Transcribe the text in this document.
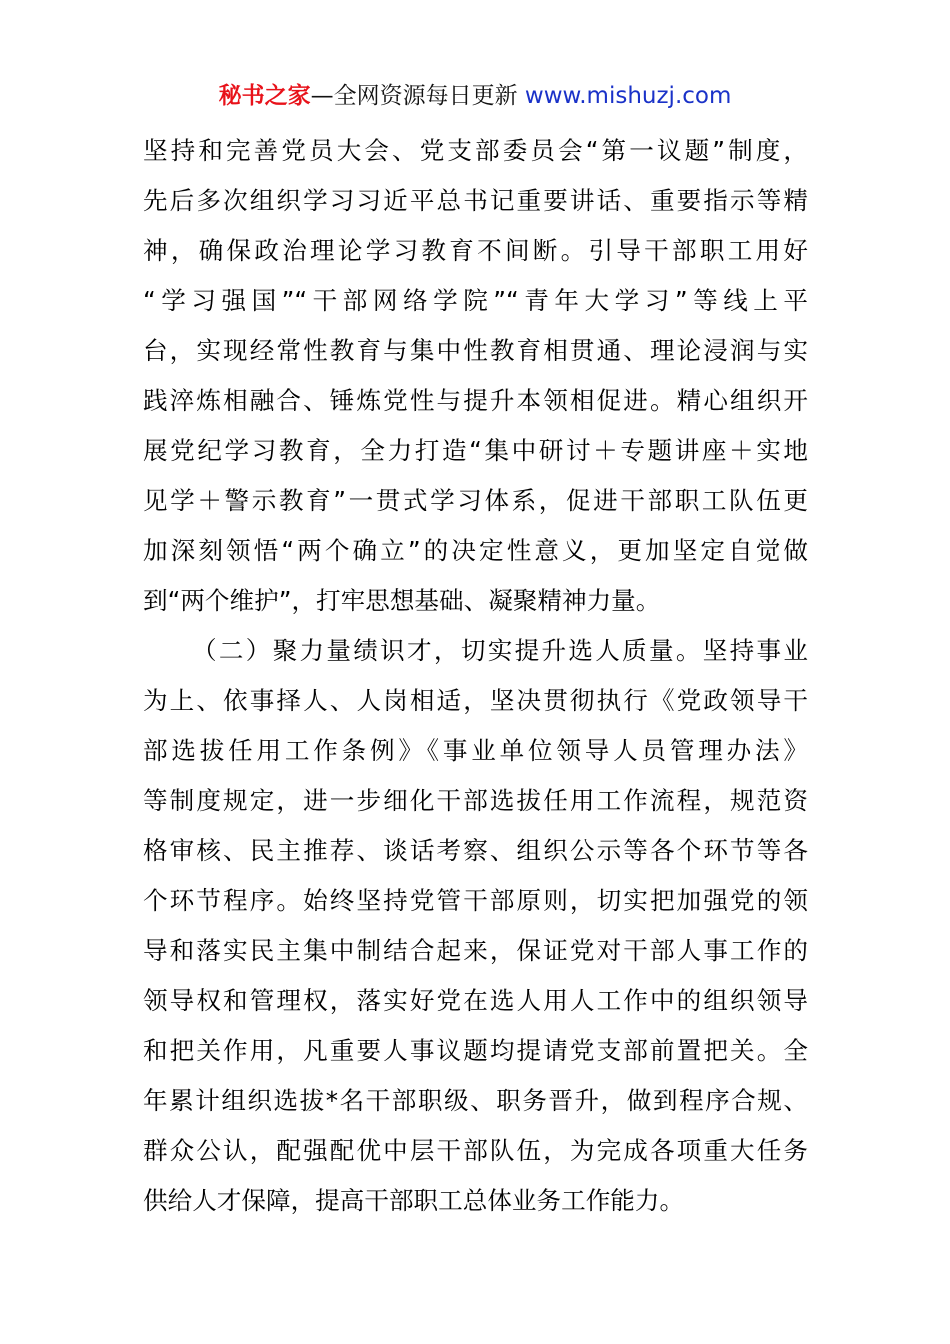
秘书之家—全网资源每日更新 www.mishuzj.com
坚持和完善党员大会、党支部委员会“第一议题”制度，
先后多次组织学习习近平总书记重要讲话、重要指示等精
神，确保政治理论学习教育不间断。引导干部职工用好
“学习强国”“干部网络学院”“青年大学习”等线上平
台，实现经常性教育与集中性教育相贯通、理论浸润与实
践淬炼相融合、锤炼党性与提升本领相促进。精心组织开
展党纪学习教育，全力打造“集中研讨＋专题讲座＋实地
见学＋警示教育”一贯式学习体系，促进干部职工队伍更
加深刻领悟“两个确立”的决定性意义，更加坚定自觉做
到“两个维护”，打牢思想基础、凝聚精神力量。
（二）聚力量绩识才，切实提升选人质量。坚持事业
为上、依事择人、人岗相适，坚决贯彻执行《党政领导干
部选拔任用工作条例》《事业单位领导人员管理办法》
等制度规定，进一步细化干部选拔任用工作流程，规范资
格审核、民主推荐、谈话考察、组织公示等各个环节等各
个环节程序。始终坚持党管干部原则，切实把加强党的领
导和落实民主集中制结合起来，保证党对干部人事工作的
领导权和管理权，落实好党在选人用人工作中的组织领导
和把关作用，凡重要人事议题均提请党支部前置把关。全
年累计组织选拔*名干部职级、职务晋升，做到程序合规、
群众公认，配强配优中层干部队伍，为完成各项重大任务
供给人才保障，提高干部职工总体业务工作能力。
